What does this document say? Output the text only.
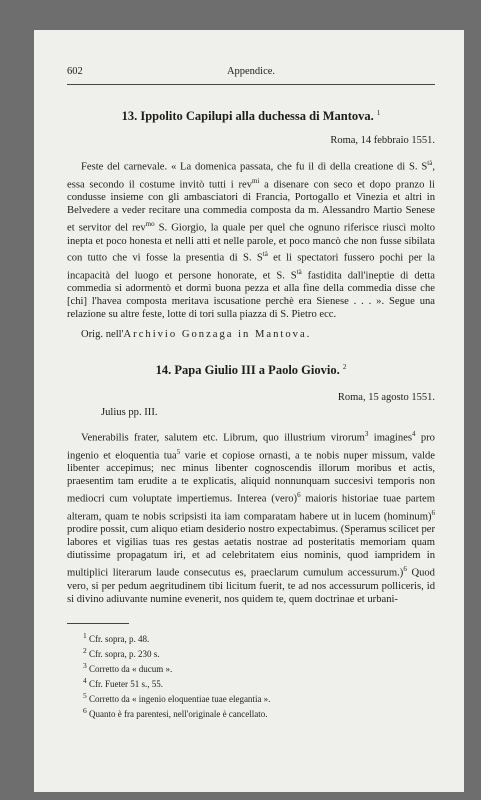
602	Appendice.
13. Ippolito Capilupi alla duchessa di Mantova. $^1$
Roma, 14 febbraio 1551.

Feste del carnevale. « La domenica passata, che fu il dì della creatione di S. $S^{tà}$, essa secondo il costume invitò tutti i rev$^{mi}$ a disenare con seco et dopo pranzo li condusse insieme con gli ambasciatori di Francia, Portogallo et Vinezia et altri in Belvedere a veder recitare una commedia composta da m. Alessandro Martio Senese et servitor del rev$^{mo}$ S. Giorgio, la quale per quel che ognuno riferisce riuscì molto inepta et poco honesta et nelli atti et nelle parole, et poco mancò che non fusse sibilata con tutto che vi fosse la presentia di S. $S^{tà}$ et li spectatori fussero pochi per la incapacità del luogo et persone honorate, et S. $S^{tà}$ fastidita dall'ineptie di detta commedia si adormentò et dormì buona pezza et alla fine della commedia disse che [chi] l'havea composta meritava iscusatione perchè era Sienese . . . ». Segue una relazione su altre feste, lotte di tori sulla piazza di S. Pietro ecc.

Orig. nell'Archivio Gonzaga in Mantova.
14. Papa Giulio III a Paolo Giovio. $^2$
Roma, 15 agosto 1551.
Julius pp. III.

Venerabilis frater, salutem etc. Librum, quo illustrium virorum$^3$ imagines$^4$ pro ingenio et eloquentia tua$^5$ varie et copiose ornasti, a te nobis nuper missum, valde libenter accepimus; nec minus libenter cognoscendis illorum moribus et actis, praesentim tam erudite a te explicatis, aliquid nonnunquam succesivi temporis non mediocri cum voluptate impertiemus. Interea (vero)$^6$ maioris historiae tuae partem alteram, quam te nobis scripsisti ita iam comparatam habere ut in lucem (hominum)$^6$ prodire possit, cum aliquo etiam desiderio nostro expectabimus. (Speramus scilicet per labores et vigilias tuas res gestas aetatis nostrae ad posteritatis memoriam quam diutissime propagatum iri, et ad celebritatem eius nominis, quod iampridem in multiplici literarum laude consecutus es, praeclarum cumulum accessurum.)$^6$ Quod vero, si per pedum aegritudinem tibi licitum fuerit, te ad nos accessurum polliceris, id si divino adiuvante numine evenerit, nos quidem te, quem doctrinae et urbani-

$^1$ Cfr. sopra, p. 48.
$^2$ Cfr. sopra, p. 230 s.
$^3$ Corretto da « ducum ».
$^4$ Cfr. Fueter 51 s., 55.
$^5$ Corretto da « ingenio eloquentiae tuae elegantia ».
$^6$ Quanto è fra parentesi, nell'originale è cancellato.
